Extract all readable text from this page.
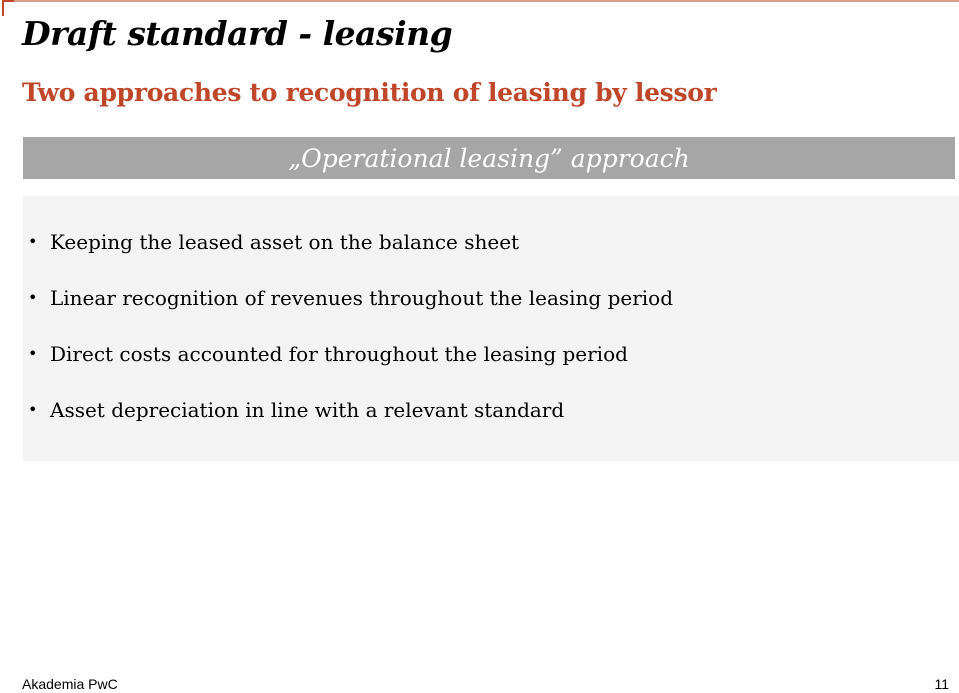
Draft standard - leasing
Two approaches to recognition of leasing by lessor
„Operational leasing” approach
• Keeping the leased asset on the balance sheet
• Linear recognition of revenues throughout the leasing period
• Direct costs accounted for throughout the leasing period
• Asset depreciation in line with a relevant standard
Akademia PwC	11
